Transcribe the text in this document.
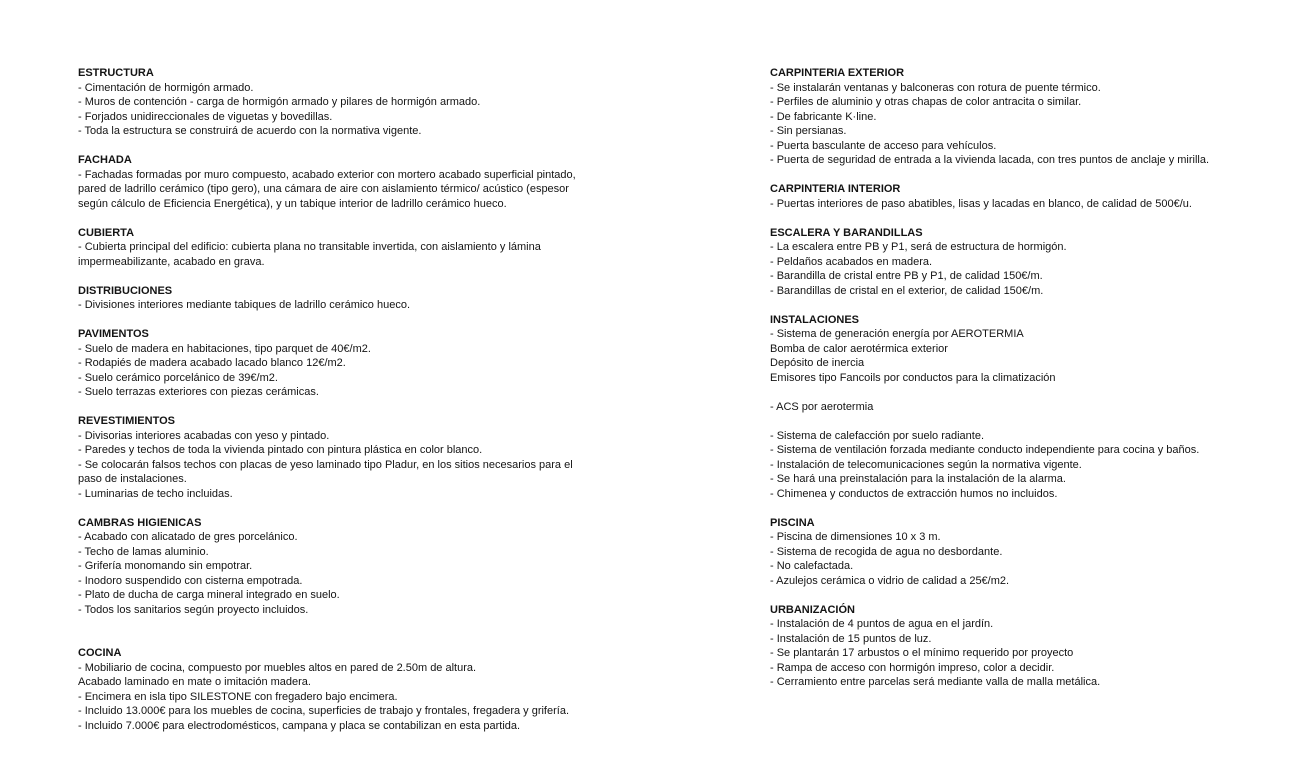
ESTRUCTURA

- Cimentación de hormigón armado.

- Muros de contención - carga de hormigón armado y pilares de hormigón armado.

- Forjados unidireccionales de viguetas y bovedillas.

- Toda la estructura se construirá de acuerdo con la normativa vigente.

FACHADA

- Fachadas formadas por muro compuesto, acabado exterior con mortero acabado superficial pintado,

pared de ladrillo cerámico (tipo gero), una cámara de aire con aislamiento térmico/ acústico (espesor

según cálculo de Eficiencia Energética), y un tabique interior de ladrillo cerámico hueco.

CUBIERTA

- Cubierta principal del edificio: cubierta plana no transitable invertida, con aislamiento y lámina

impermeabilizante, acabado en grava.

DISTRIBUCIONES

- Divisiones interiores mediante tabiques de ladrillo cerámico hueco.

PAVIMENTOS

- Suelo de madera en habitaciones, tipo parquet de 40€/m2.

- Rodapiés de madera acabado lacado blanco 12€/m2.

- Suelo cerámico porcelánico de 39€/m2.

- Suelo terrazas exteriores con piezas cerámicas.

REVESTIMIENTOS

- Divisorias interiores acabadas con yeso y pintado.

- Paredes y techos de toda la vivienda pintado con pintura plástica en color blanco.

- Se colocarán falsos techos con placas de yeso laminado tipo Pladur, en los sitios necesarios para el

paso de instalaciones.

- Luminarias de techo incluidas.

CAMBRAS HIGIENICAS

- Acabado con alicatado de gres porcelánico.

- Techo de lamas aluminio.

- Grifería monomando sin empotrar.

- Inodoro suspendido con cisterna empotrada.

- Plato de ducha de carga mineral integrado en suelo.

- Todos los sanitarios según proyecto incluidos.

COCINA

- Mobiliario de cocina, compuesto por muebles altos en pared de 2.50m de altura.

Acabado laminado en mate o imitación madera.

- Encimera en isla tipo SILESTONE con fregadero bajo encimera.

- Incluido 13.000€ para los muebles de cocina, superficies de trabajo y frontales, fregadera y grifería.

- Incluido 7.000€ para electrodomésticos, campana y placa se contabilizan en esta partida.

CARPINTERIA EXTERIOR

- Se instalarán ventanas y balconeras con rotura de puente térmico.

- Perfiles de aluminio y otras chapas de color antracita o similar.

- De fabricante K·line.

- Sin persianas.

- Puerta basculante de acceso para vehículos.

- Puerta de seguridad de entrada a la vivienda lacada, con tres puntos de anclaje y mirilla.

CARPINTERIA INTERIOR

- Puertas interiores de paso abatibles, lisas y lacadas en blanco, de calidad de 500€/u.

ESCALERA Y BARANDILLAS

- La escalera entre PB y P1, será de estructura de hormigón.

- Peldaños acabados en madera.

- Barandilla de cristal entre PB y P1, de calidad 150€/m.

- Barandillas de cristal en el exterior, de calidad 150€/m.

INSTALACIONES

- Sistema de generación energía por AEROTERMIA

Bomba de calor aerotérmica exterior

Depósito de inercia

Emisores tipo Fancoils por conductos para la climatización

- ACS por aerotermia

- Sistema de calefacción por suelo radiante.

- Sistema de ventilación forzada mediante conducto independiente para cocina y baños.

- Instalación de telecomunicaciones según la normativa vigente.

- Se hará una preinstalación para la instalación de la alarma.

- Chimenea y conductos de extracción humos no incluidos.

PISCINA

- Piscina de dimensiones 10 x 3 m.

- Sistema de recogida de agua no desbordante.

- No calefactada.

- Azulejos cerámica o vidrio de calidad a 25€/m2.

URBANIZACIÓN

- Instalación de 4 puntos de agua en el jardín.

- Instalación de 15 puntos de luz.

- Se plantarán 17 arbustos o el mínimo requerido por proyecto

- Rampa de acceso con hormigón impreso, color a decidir.

- Cerramiento entre parcelas será mediante valla de malla metálica.
